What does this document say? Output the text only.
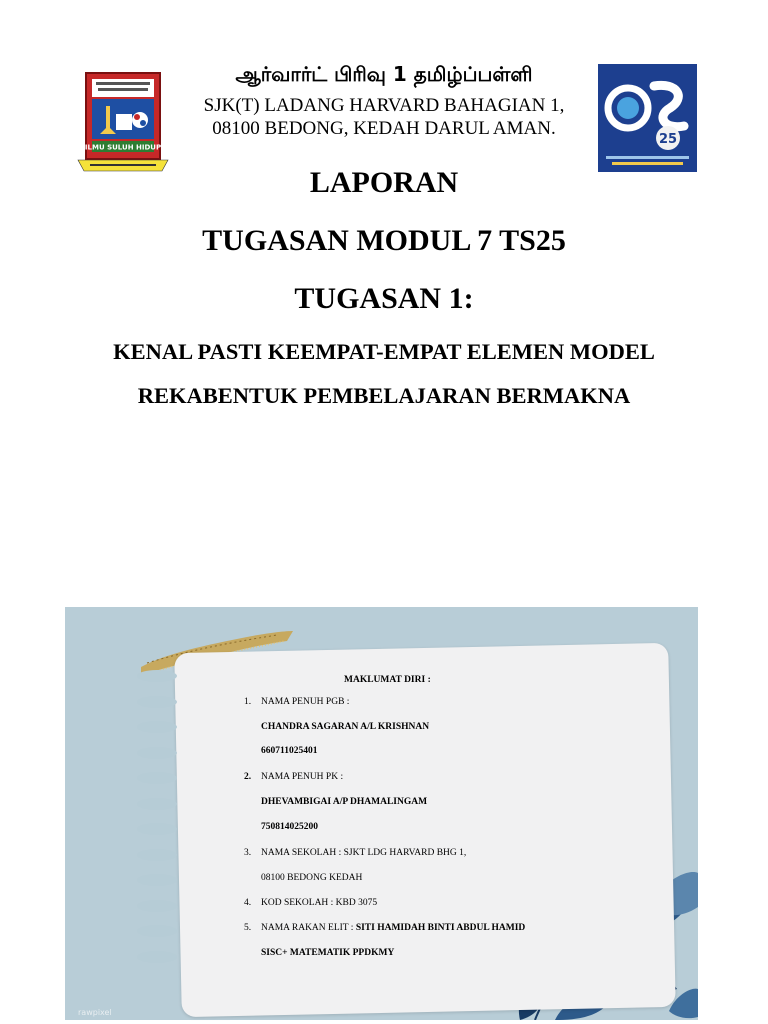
ILMU SULUH HIDUP
25
ஆர்வார்ட் பிரிவு 1 தமிழ்ப்பள்ளி
SJK(T) LADANG HARVARD BAHAGIAN 1,
08100 BEDONG, KEDAH DARUL AMAN.
LAPORAN
TUGASAN MODUL 7 TS25
TUGASAN 1:
KENAL PASTI KEEMPAT-EMPAT ELEMEN MODEL
REKABENTUK PEMBELAJARAN BERMAKNA
MAKLUMAT DIRI :
1. NAMA PENUH PGB :
CHANDRA SAGARAN A/L KRISHNAN
660711025401
2. NAMA PENUH PK :
DHEVAMBIGAI A/P DHAMALINGAM
750814025200
3. NAMA SEKOLAH : SJKT LDG HARVARD BHG 1,
08100 BEDONG KEDAH
4. KOD SEKOLAH : KBD 3075
5. NAMA RAKAN ELIT : SITI HAMIDAH BINTI ABDUL HAMID
SISC+ MATEMATIK PPDKMY
rawpixel
